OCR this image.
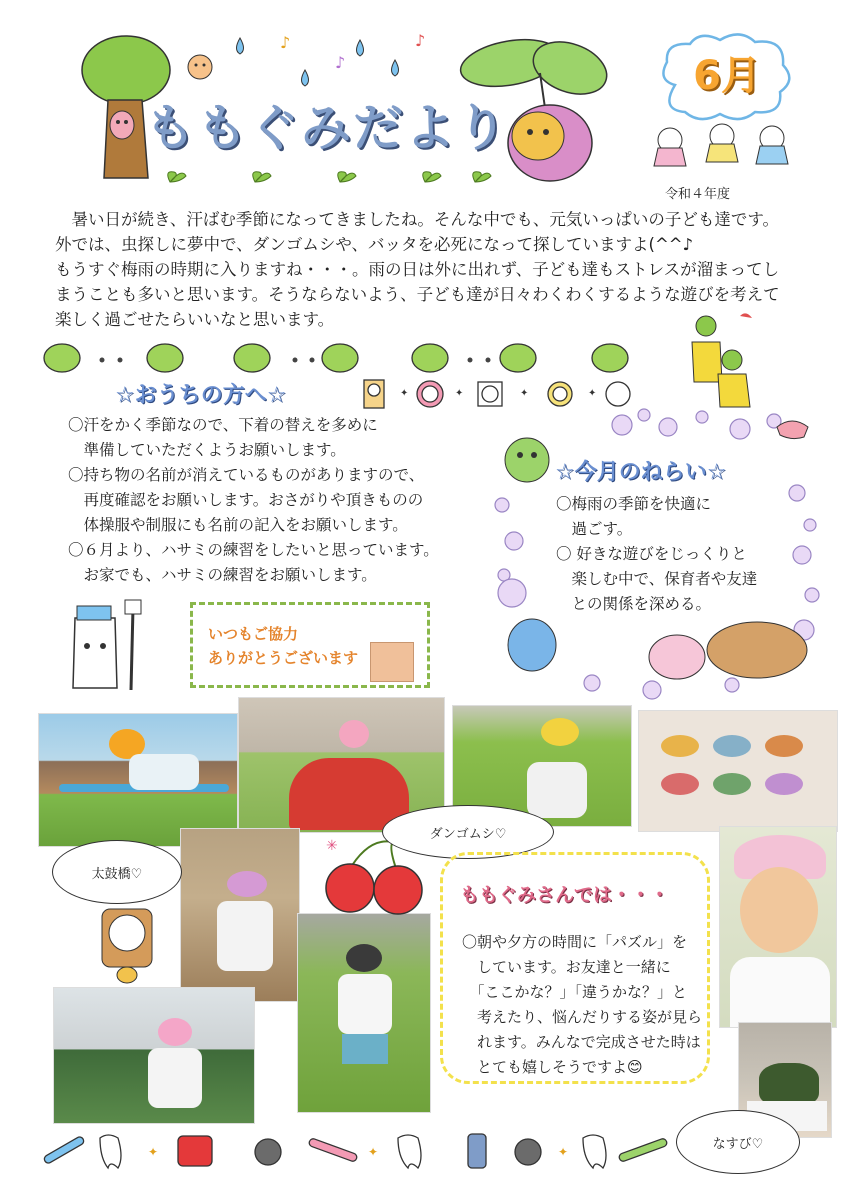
♪
♪
♪
ももぐみだより
6月
令和４年度

　暑い日が続き、汗ばむ季節になってきましたね。そんな中でも、元気いっぱいの子ども達です。

外では、虫探しに夢中で、ダンゴムシや、バッタを必死になって探していますよ(^^♪

もうすぐ梅雨の時期に入りますね・・・。雨の日は外に出れず、子ども達もストレスが溜まってし

まうことも多いと思います。そうならないよう、子ども達が日々わくわくするような遊びを考えて

楽しく過ごせたらいいなと思います。

☆おうちの方へ☆	✦	✦	✦	✦

〇汗をかく季節なので、下着の替えを多めに

　準備していただくようお願いします。

〇持ち物の名前が消えているものがありますので、

　再度確認をお願いします。おさがりや頂きものの

　体操服や制服にも名前の記入をお願いします。

〇６月より、ハサミの練習をしたいと思っています。

　お家でも、ハサミの練習をお願いします。

☆今月のねらい☆

〇梅雨の季節を快適に

　過ごす。

〇 好きな遊びをじっくりと

　楽しむ中で、保育者や友達

　との関係を深める。

いつもご協力
ありがとうございます
✳
太鼓橋♡
ダンゴムシ♡
なすび♡
ももぐみさんでは・・・

〇朝や夕方の時間に「パズル」を

　しています。お友達と一緒に

　「ここかな？」「違うかな？」と

　考えたり、悩んだりする姿が見ら

　れます。みんなで完成させた時は

　とても嬉しそうですよ😊

✦	✦	✦
